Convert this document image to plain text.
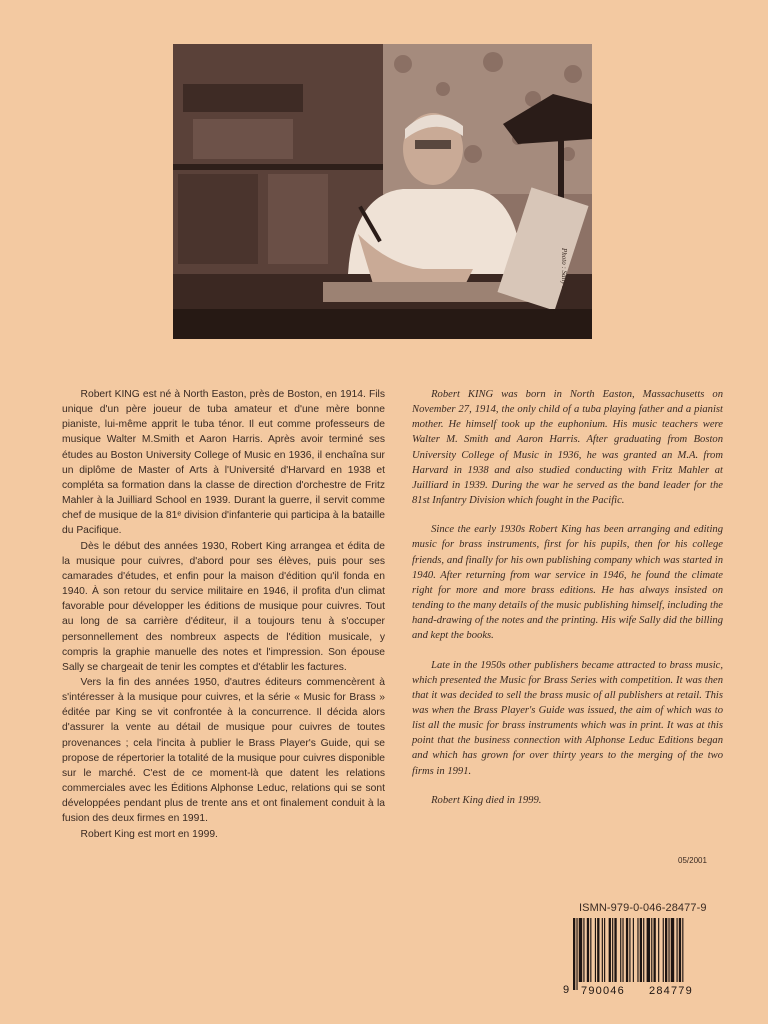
Photo : Sally King

Robert KING est né à North Easton, près de Boston, en 1914. Fils unique d'un père joueur de tuba amateur et d'une mère bonne pianiste, lui-même apprit le tuba ténor. Il eut comme professeurs de musique Walter M.Smith et Aaron Harris. Après avoir terminé ses études au Boston University College of Music en 1936, il enchaîna sur un diplôme de Master of Arts à l'Université d'Harvard en 1938 et compléta sa formation dans la classe de direction d'orchestre de Fritz Mahler à la Juilliard School en 1939. Durant la guerre, il servit comme chef de musique de la 81ᵉ division d'infanterie qui participa à la bataille du Pacifique.

Dès le début des années 1930, Robert King arrangea et édita de la musique pour cuivres, d'abord pour ses élèves, puis pour ses camarades d'études, et enfin pour la maison d'édition qu'il fonda en 1940. À son retour du service militaire en 1946, il profita d'un climat favorable pour développer les éditions de musique pour cuivres. Tout au long de sa carrière d'éditeur, il a toujours tenu à s'occuper personnellement des nombreux aspects de l'édition musicale, y compris la graphie manuelle des notes et l'impression. Son épouse Sally se chargeait de tenir les comptes et d'établir les factures.

Vers la fin des années 1950, d'autres éditeurs commencèrent à s'intéresser à la musique pour cuivres, et la série « Music for Brass » éditée par King se vit confrontée à la concurrence. Il décida alors d'assurer la vente au détail de musique pour cuivres de toutes provenances ; cela l'incita à publier le Brass Player's Guide, qui se propose de répertorier la totalité de la musique pour cuivres disponible sur le marché. C'est de ce moment-là que datent les relations commerciales avec les Éditions Alphonse Leduc, relations qui se sont développées pendant plus de trente ans et ont finalement conduit à la fusion des deux firmes en 1991.

Robert King est mort en 1999.

Robert KING was born in North Easton, Massachusetts on November 27, 1914, the only child of a tuba playing father and a pianist mother. He himself took up the euphonium. His music teachers were Walter M. Smith and Aaron Harris. After graduating from Boston University College of Music in 1936, he was granted an M.A. from Harvard in 1938 and also studied conducting with Fritz Mahler at Juilliard in 1939. During the war he served as the band leader for the 81st Infantry Division which fought in the Pacific.

Since the early 1930s Robert King has been arranging and editing music for brass instruments, first for his pupils, then for his college friends, and finally for his own publishing company which was started in 1940. After returning from war service in 1946, he found the climate right for more and more brass editions. He has always insisted on tending to the many details of the music publishing himself, including the hand-drawing of the notes and the printing. His wife Sally did the billing and kept the books.

Late in the 1950s other publishers became attracted to brass music, which presented the Music for Brass Series with competition. It was then that it was decided to sell the brass music of all publishers at retail. This was when the Brass Player's Guide was issued, the aim of which was to list all the music for brass instruments which was in print. It was at this point that the business connection with Alphonse Leduc Editions began and which has grown for over thirty years to the merging of the two firms in 1991.

Robert King died in 1999.

05/2001
ISMN-979-0-046-28477-9
9 790046 284779
